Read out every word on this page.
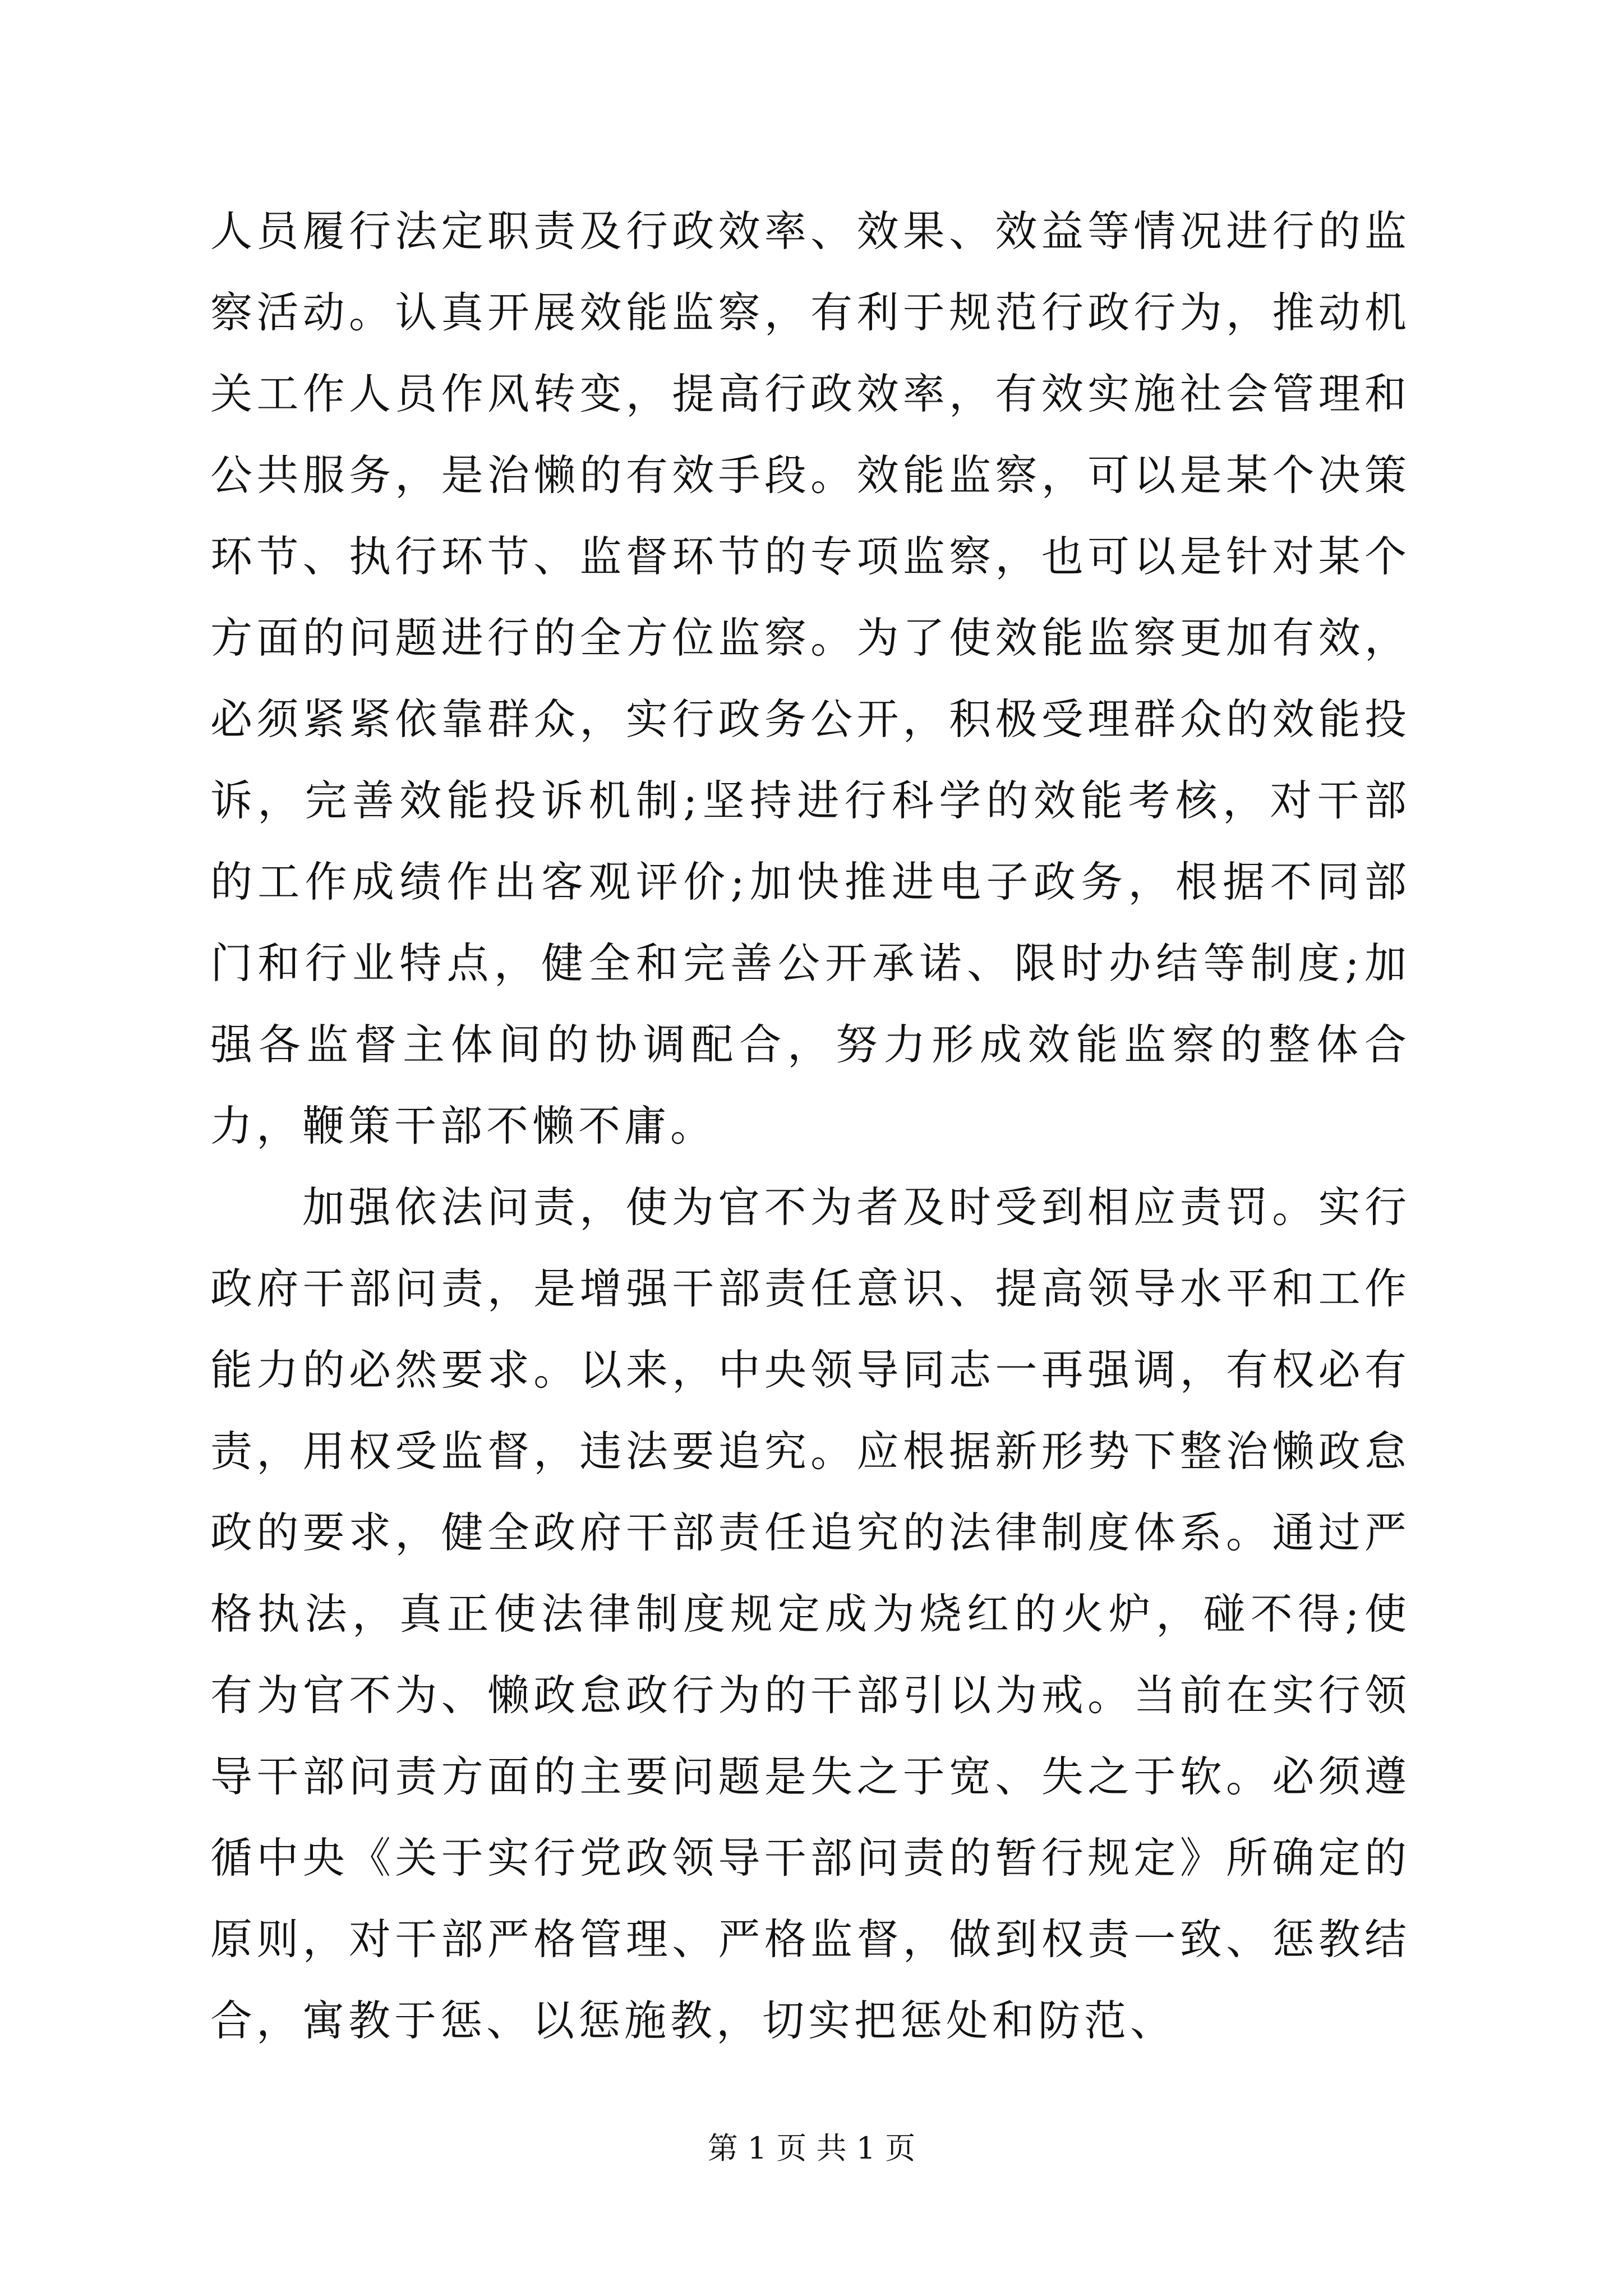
人员履行法定职责及行政效率、效果、效益等情况进行的监察活动。认真开展效能监察，有利于规范行政行为，推动机关工作人员作风转变，提高行政效率，有效实施社会管理和公共服务，是治懒的有效手段。效能监察，可以是某个决策环节、执行环节、监督环节的专项监察，也可以是针对某个方面的问题进行的全方位监察。为了使效能监察更加有效，必须紧紧依靠群众，实行政务公开，积极受理群众的效能投诉，完善效能投诉机制;坚持进行科学的效能考核，对干部的工作成绩作出客观评价;加快推进电子政务，根据不同部门和行业特点，健全和完善公开承诺、限时办结等制度;加强各监督主体间的协调配合，努力形成效能监察的整体合力，鞭策干部不懒不庸。

加强依法问责，使为官不为者及时受到相应责罚。实行政府干部问责，是增强干部责任意识、提高领导水平和工作能力的必然要求。以来，中央领导同志一再强调，有权必有责，用权受监督，违法要追究。应根据新形势下整治懒政怠政的要求，健全政府干部责任追究的法律制度体系。通过严格执法，真正使法律制度规定成为烧红的火炉，碰不得;使有为官不为、懒政怠政行为的干部引以为戒。当前在实行领导干部问责方面的主要问题是失之于宽、失之于软。必须遵循中央《关于实行党政领导干部问责的暂行规定》所确定的原则，对干部严格管理、严格监督，做到权责一致、惩教结合，寓教于惩、以惩施教，切实把惩处和防范、

第 1 页 共 1 页
